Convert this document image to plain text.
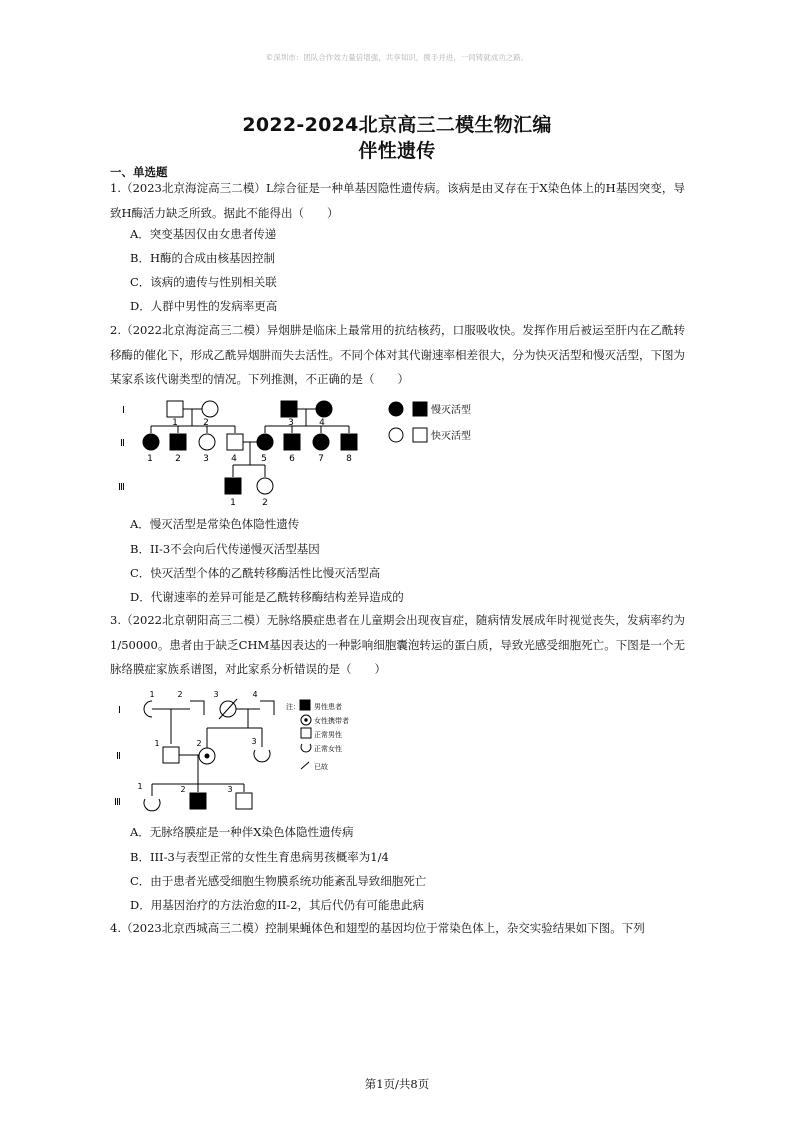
©深圳市：团队合作效力量倍增强，共享知识，携手并进，一同铸就成功之路。
2022-2024北京高三二模生物汇编
伴性遗传
一、单选题
1.（2023北京海淀高三二模）L综合征是一种单基因隐性遗传病。该病是由叉存在于X染色体上的H基因突变，导致H酶活力缺乏所致。据此不能得出（　　）
A．突变基因仅由女患者传递
B．H酶的合成由核基因控制
C．该病的遗传与性别相关联
D．人群中男性的发病率更高
2.（2022北京海淀高三二模）异烟肼是临床上最常用的抗结核药，口服吸收快。发挥作用后被运至肝内在乙酰转移酶的催化下，形成乙酰异烟肼而失去活性。不同个体对其代谢速率相差很大，分为快灭活型和慢灭活型，下图为某家系该代谢类型的情况。下列推测，不正确的是（　　）
Ⅰ
Ⅱ
Ⅲ
1	2	3	4
1 2 3 4	5 6	7 8
1	2
慢灭活型
快灭活型
A．慢灭活型是常染色体隐性遗传
B．II-3不会向后代传递慢灭活型基因
C．快灭活型个体的乙酰转移酶活性比慢灭活型高
D．代谢速率的差异可能是乙酰转移酶结构差异造成的
3.（2022北京朝阳高三二模）无脉络膜症患者在儿童期会出现夜盲症，随病情发展成年时视觉丧失，发病率约为1/50000。患者由于缺乏CHM基因表达的一种影响细胞囊泡转运的蛋白质，导致光感受细胞死亡。下图是一个无脉络膜症家族系谱图，对此家系分析错误的是（　　）
1	2	3	4
1	2	3
1	2	3
Ⅰ
Ⅱ
Ⅲ
注： 男性患者
女性携带者
正常男性
正常女性
已故
A．无脉络膜症是一种伴X染色体隐性遗传病
B．III-3与表型正常的女性生育患病男孩概率为1/4
C．由于患者光感受细胞生物膜系统功能紊乱导致细胞死亡
D．用基因治疗的方法治愈的II-2，其后代仍有可能患此病
4.（2023北京西城高三二模）控制果蝇体色和翅型的基因均位于常染色体上，杂交实验结果如下图。下列
第1页/共8页
